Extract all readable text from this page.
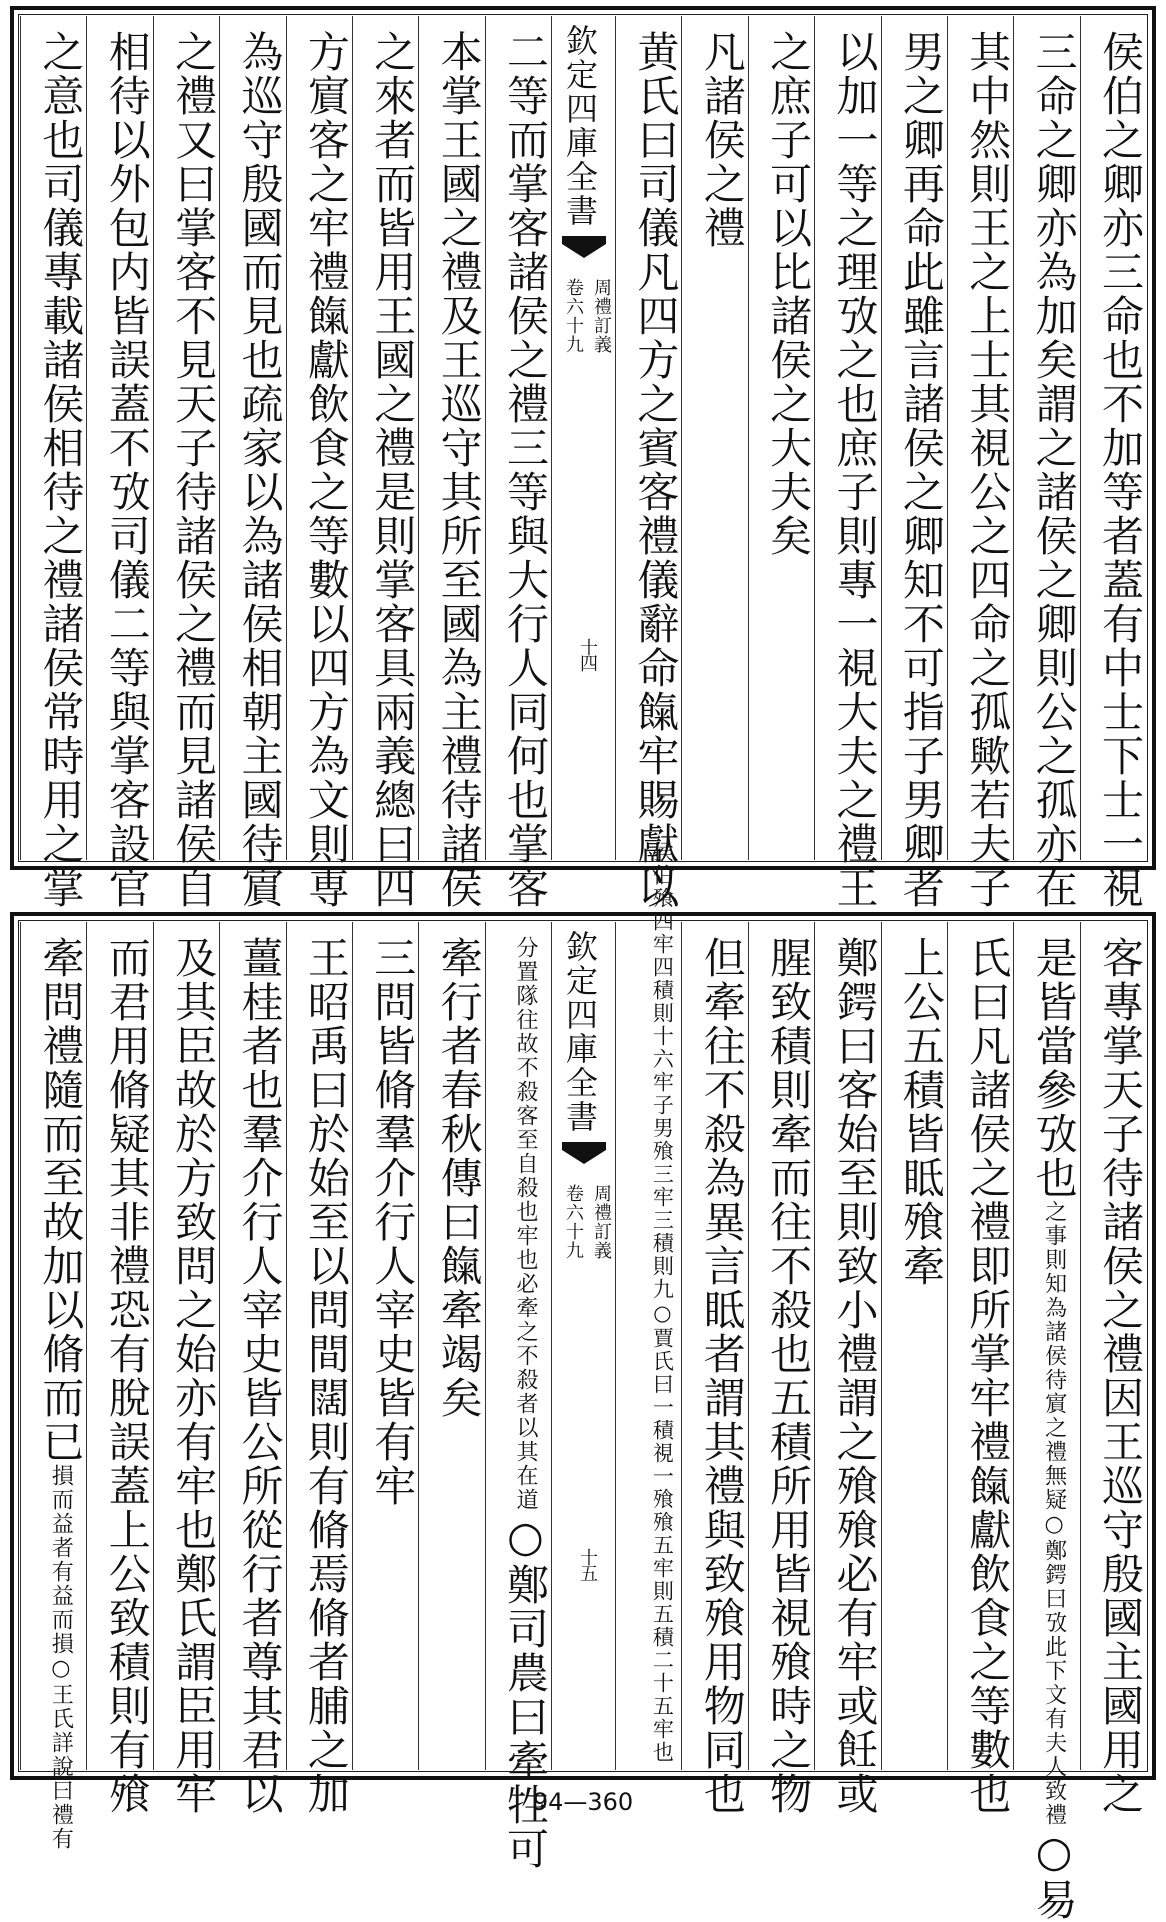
侯伯之卿亦三命也不加等者蓋有中士下士一視
三命之卿亦為加矣謂之諸侯之卿則公之孤亦在
其中然則王之上士其視公之四命之孤歟若夫子
男之卿再命此雖言諸侯之卿知不可指子男卿者
以加一等之理攷之也庶子則專一視大夫之禮王
之庶子可以比諸侯之大夫矣
凡諸侯之禮
黄氏曰司儀凡四方之賓客禮儀辭命餼牢賜獻以
欽定四庫全書
周禮訂義
卷六十九
十四
二等而掌客諸侯之禮三等與大行人同何也掌客
本掌王國之禮及王巡守其所至國為主禮待諸侯
之來者而皆用王國之禮是則掌客具兩義總曰四
方賔客之牢禮餼獻飲食之等數以四方為文則専
為巡守殷國而見也疏家以為諸侯相朝主國待賔
之禮又曰掌客不見天子待諸侯之禮而見諸侯自
相待以外包内皆誤蓋不攷司儀二等與掌客設官
之意也司儀專載諸侯相待之禮諸侯常時用之掌
客專掌天子待諸侯之禮因王巡守殷國主國用之
是皆當參攷也
○鄭鍔曰攷此下文有夫人致禮
之事則知為諸侯待賔之禮無疑
○易
氏曰凡諸侯之禮即所掌牢禮餼獻飲食之等數也
上公五積皆眡飱牽
鄭鍔曰客始至則致小禮謂之飱飱必有牢或飪或
腥致積則牽而往不殺也五積所用皆視飱時之物
但牽往不殺為異言眡者謂其禮與致飱用物同也
○賈氏曰一積視一飱飱五牢則五積二十五牢也
侯伯飱四牢四積則十六牢子男飱三牢三積則九
欽定四庫全書
周禮訂義
卷六十九
十五
牢也必牽之不殺者以其在道
分置隊往故不殺客至自殺也
○鄭司農曰牽牲可
牽行者春秋傳曰餼牽竭矣
三問皆脩羣介行人宰史皆有牢
王昭禹曰於始至以問間闊則有脩焉脩者脯之加
薑桂者也羣介行人宰史皆公所從行者尊其君以
及其臣故於方致問之始亦有牢也鄭氏謂臣用牢
而君用脩疑其非禮恐有脫誤蓋上公致積則有飱
牽問禮隨而至故加以脩而已
○王氏詳說曰禮有
損而益者有益而損
94—360
